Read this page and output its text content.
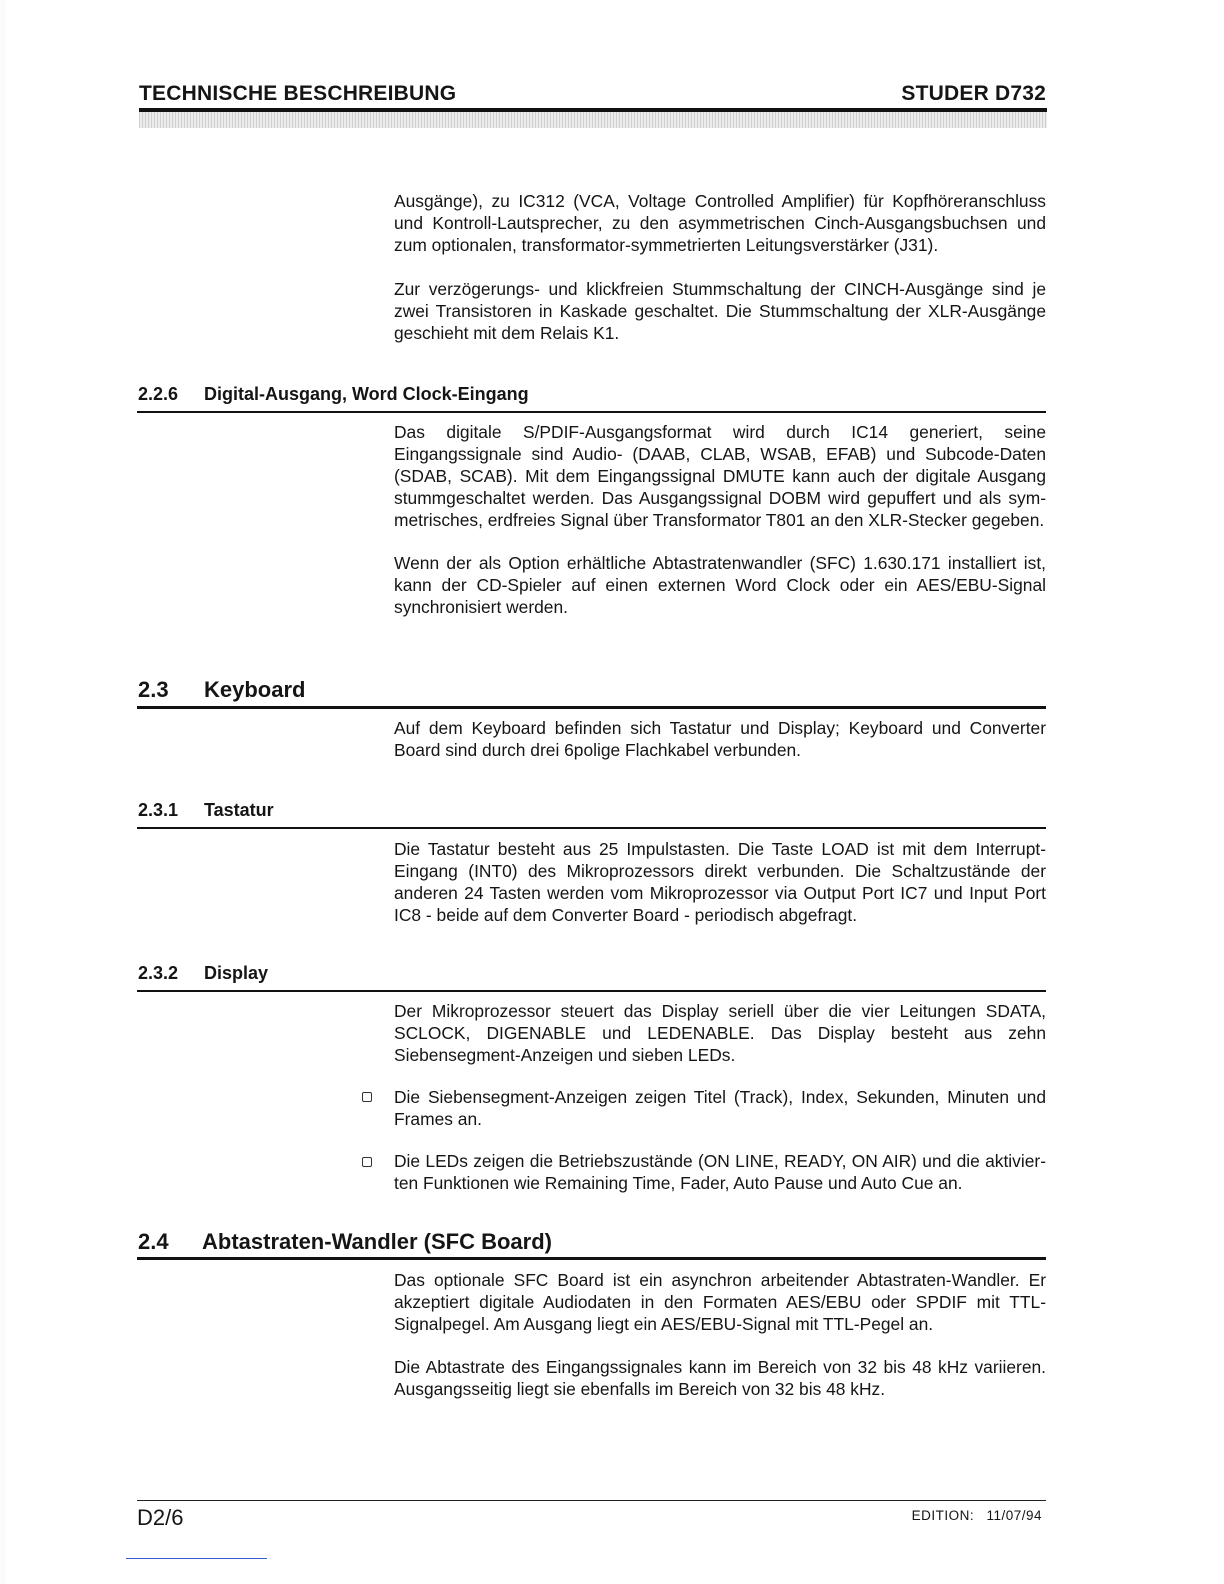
TECHNISCHE BESCHREIBUNG	STUDER D732

Ausgänge), zu IC312 (VCA, Voltage Controlled Amplifier) für Kopfhöreranschluss und Kontroll-Lautsprecher, zu den asymmetrischen Cinch-Ausgangsbuchsen und zum optionalen, transformator-symmetrierten Leitungsverstärker (J31).

Zur verzögerungs- und klickfreien Stummschaltung der CINCH-Ausgänge sind je zwei Transistoren in Kaskade geschaltet. Die Stummschaltung der XLR-Ausgänge geschieht mit dem Relais K1.

2.2.6 Digital-Ausgang, Word Clock-Eingang

Das digitale S/PDIF-Ausgangsformat wird durch IC14 generiert, seine Eingangssignale sind Audio- (DAAB, CLAB, WSAB, EFAB) und Subcode-Daten (SDAB, SCAB). Mit dem Eingangssignal DMUTE kann auch der digitale Ausgang stummgeschaltet werden. Das Ausgangssignal DOBM wird gepuffert und als sym-metrisches, erdfreies Signal über Transformator T801 an den XLR-Stecker gegeben.

Wenn der als Option erhältliche Abtastratenwandler (SFC) 1.630.171 installiert ist, kann der CD-Spieler auf einen externen Word Clock oder ein AES/EBU-Signal synchronisiert werden.

2.3 Keyboard

Auf dem Keyboard befinden sich Tastatur und Display; Keyboard und Converter Board sind durch drei 6polige Flachkabel verbunden.

2.3.1 Tastatur

Die Tastatur besteht aus 25 Impulstasten. Die Taste LOAD ist mit dem Interrupt-Eingang (INT0) des Mikroprozessors direkt verbunden. Die Schaltzustände der anderen 24 Tasten werden vom Mikroprozessor via Output Port IC7 und Input Port IC8 - beide auf dem Converter Board - periodisch abgefragt.

2.3.2 Display

Der Mikroprozessor steuert das Display seriell über die vier Leitungen SDATA, SCLOCK, DIGENABLE und LEDENABLE. Das Display besteht aus zehn Siebensegment-Anzeigen und sieben LEDs.

Die Siebensegment-Anzeigen zeigen Titel (Track), Index, Sekunden, Minuten und Frames an.

Die LEDs zeigen die Betriebszustände (ON LINE, READY, ON AIR) und die aktivier-ten Funktionen wie Remaining Time, Fader, Auto Pause und Auto Cue an.

2.4 Abtastraten-Wandler (SFC Board)

Das optionale SFC Board ist ein asynchron arbeitender Abtastraten-Wandler. Er akzeptiert digitale Audiodaten in den Formaten AES/EBU oder SPDIF mit TTL-Signalpegel. Am Ausgang liegt ein AES/EBU-Signal mit TTL-Pegel an.

Die Abtastrate des Eingangssignales kann im Bereich von 32 bis 48 kHz variieren. Ausgangsseitig liegt sie ebenfalls im Bereich von 32 bis 48 kHz.

D2/6	EDITION: 11/07/94
